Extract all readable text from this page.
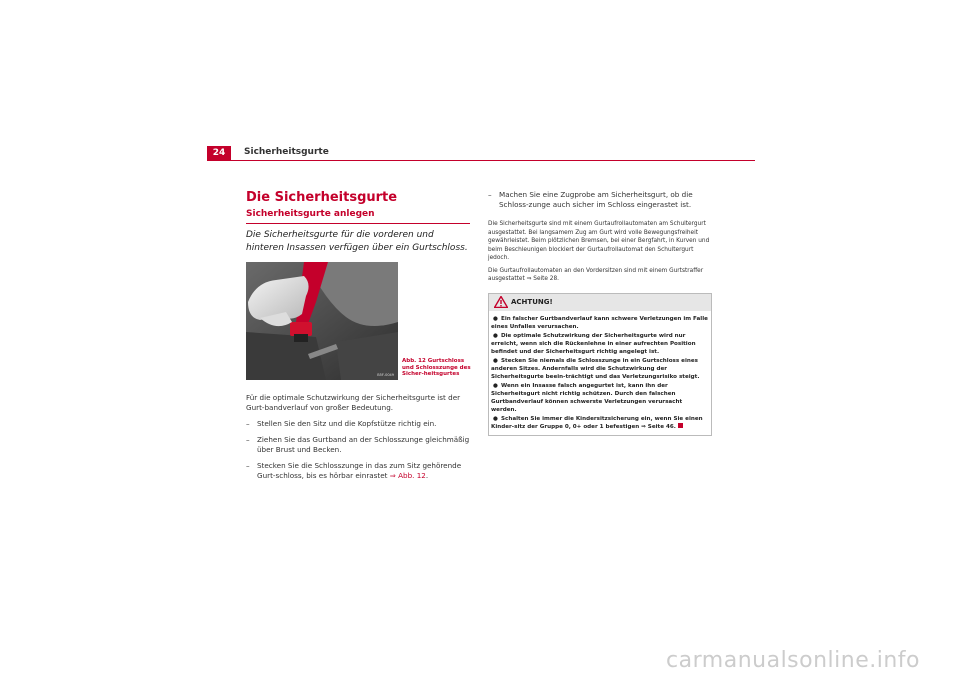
24	Sicherheitsgurte
Die Sicherheitsgurte
Sicherheitsgurte anlegen
Die Sicherheitsgurte für die vorderen und hinteren Insassen verfügen über ein Gurtschloss.
B5F-0049
Abb. 12 Gurtschloss und Schlosszunge des Sicher-heitsgurtes
Für die optimale Schutzwirkung der Sicherheitsgurte ist der Gurt-bandverlauf von großer Bedeutung.
– Stellen Sie den Sitz und die Kopfstütze richtig ein.
– Ziehen Sie das Gurtband an der Schlosszunge gleichmäßig über Brust und Becken.
– Stecken Sie die Schlosszunge in das zum Sitz gehörende Gurt-schloss, bis es hörbar einrastet ⇒ Abb. 12.
– Machen Sie eine Zugprobe am Sicherheitsgurt, ob die Schloss-zunge auch sicher im Schloss eingerastet ist.
Die Sicherheitsgurte sind mit einem Gurtaufrollautomaten am Schultergurt ausgestattet. Bei langsamem Zug am Gurt wird volle Bewegungsfreiheit gewährleistet. Beim plötzlichen Bremsen, bei einer Bergfahrt, in Kurven und beim Beschleunigen blockiert der Gurtaufrollautomat den Schultergurt jedoch.
Die Gurtaufrollautomaten an den Vordersitzen sind mit einem Gurtstraffer ausgestattet ⇒ Seite 28.
ACHTUNG!
● Ein falscher Gurtbandverlauf kann schwere Verletzungen im Falle eines Unfalles verursachen.
● Die optimale Schutzwirkung der Sicherheitsgurte wird nur erreicht, wenn sich die Rückenlehne in einer aufrechten Position befindet und der Sicherheitsgurt richtig angelegt ist.
● Stecken Sie niemals die Schlosszunge in ein Gurtschloss eines anderen Sitzes. Andernfalls wird die Schutzwirkung der Sicherheitsgurte beein-trächtigt und das Verletzungsrisiko steigt.
● Wenn ein Insasse falsch angegurtet ist, kann ihn der Sicherheitsgurt nicht richtig schützen. Durch den falschen Gurtbandverlauf können schwerste Verletzungen verursacht werden.
● Schalten Sie immer die Kindersitzsicherung ein, wenn Sie einen Kinder-sitz der Gruppe 0, 0+ oder 1 befestigen ⇒ Seite 46.
carmanualsonline.info
